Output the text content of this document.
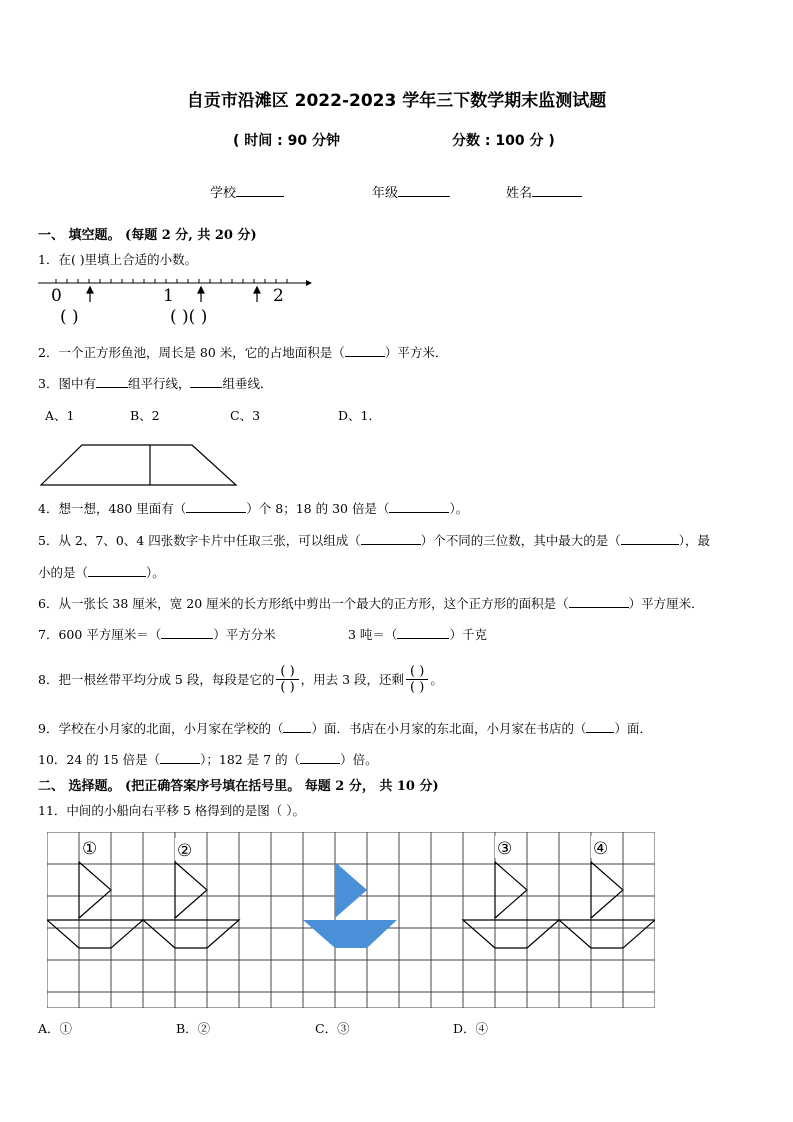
自贡市沿滩区 2022-2023 学年三下数学期末监测试题
( 时间 : 90 分钟	分数 : 100 分 )
学校	年级	姓名
一、 填空题。 (每题 2 分, 共 20 分)
1．在( )里填上合适的小数。
0	1	2
( )	( )( )
2．一个正方形鱼池，周长是 80 米，它的占地面积是（	）平方米．
3．图中有	组平行线，	组垂线．
A、1	B、2	C、3	D、1．
4．想一想，480 里面有（	）个 8；18 的 30 倍是（	）。
5．从 2、7、0、4 四张数字卡片中任取三张，可以组成（	）个不同的三位数，其中最大的是（	），最
小的是（	）。
6．从一张长 38 厘米，宽 20 厘米的长方形纸中剪出一个最大的正方形，这个正方形的面积是（	）平方厘米．
7．600 平方厘米＝（	）平方分米	3 吨＝（	）千克
8．把一根丝带平均分成 5 段，每段是它的 $\frac{( )}{( )}$ ，用去 3 段，还剩 $\frac{( )}{( )}$ 。
9．学校在小月家的北面，小月家在学校的（ ）面．书店在小月家的东北面，小月家在书店的（ ）面．
10．24 的 15 倍是（	）；182 是 7 的（	）倍。
二、 选择题。 (把正确答案序号填在括号里。 每题 2 分， 共 10 分)
11．中间的小船向右平移 5 格得到的是图（ ）。
①	②	③	④
A．①	B．②	C．③	D．④
